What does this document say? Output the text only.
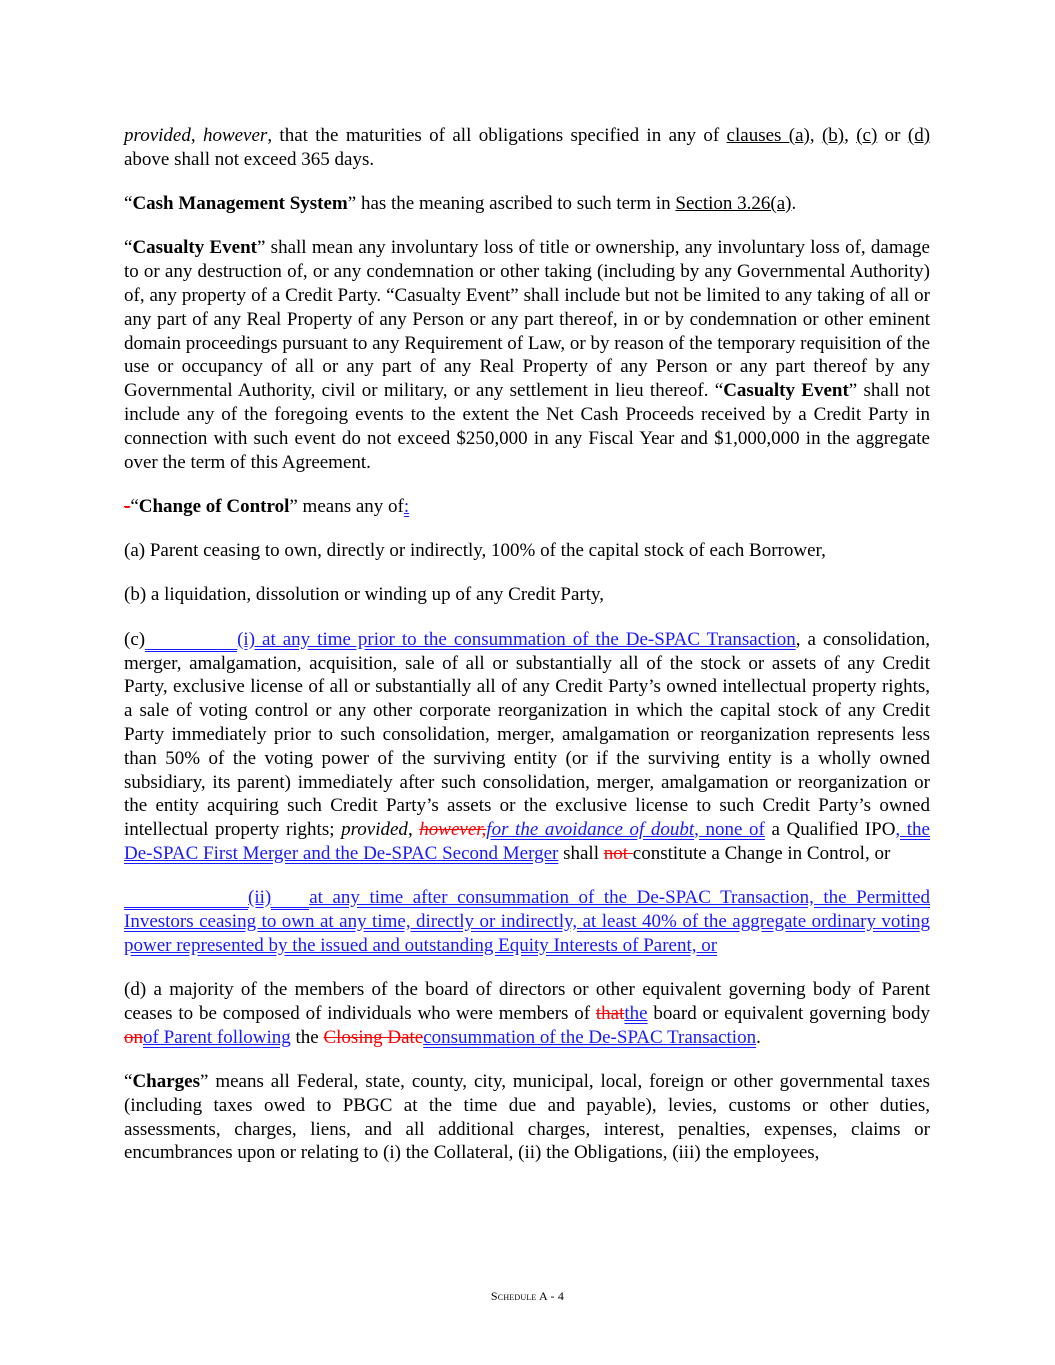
provided, however, that the maturities of all obligations specified in any of clauses (a), (b), (c) or (d) above shall not exceed 365 days.

“Cash Management System” has the meaning ascribed to such term in Section 3.26(a).

“Casualty Event” shall mean any involuntary loss of title or ownership, any involuntary loss of, damage to or any destruction of, or any condemnation or other taking (including by any Governmental Authority) of, any property of a Credit Party. “Casualty Event” shall include but not be limited to any taking of all or any part of any Real Property of any Person or any part thereof, in or by condemnation or other eminent domain proceedings pursuant to any Requirement of Law, or by reason of the temporary requisition of the use or occupancy of all or any part of any Real Property of any Person or any part thereof by any Governmental Authority, civil or military, or any settlement in lieu thereof. “Casualty Event” shall not include any of the foregoing events to the extent the Net Cash Proceeds received by a Credit Party in connection with such event do not exceed $250,000 in any Fiscal Year and $1,000,000 in the aggregate over the term of this Agreement.

-“Change of Control” means any of:

(a) Parent ceasing to own, directly or indirectly, 100% of the capital stock of each Borrower,

(b) a liquidation, dissolution or winding up of any Credit Party,

(c)	(i) at any time prior to the consummation of the De-SPAC Transaction, a consolidation, merger, amalgamation, acquisition, sale of all or substantially all of the stock or assets of any Credit Party, exclusive license of all or substantially all of any Credit Party’s owned intellectual property rights, a sale of voting control or any other corporate reorganization in which the capital stock of any Credit Party immediately prior to such consolidation, merger, amalgamation or reorganization represents less than 50% of the voting power of the surviving entity (or if the surviving entity is a wholly owned subsidiary, its parent) immediately after such consolidation, merger, amalgamation or reorganization or the entity acquiring such Credit Party’s assets or the exclusive license to such Credit Party’s owned intellectual property rights; provided, however,for the avoidance of doubt, none of a Qualified IPO, the De-SPAC First Merger and the De-SPAC Second Merger shall not constitute a Change in Control, or

(ii) at any time after consummation of the De-SPAC Transaction, the Permitted Investors ceasing to own at any time, directly or indirectly, at least 40% of the aggregate ordinary voting power represented by the issued and outstanding Equity Interests of Parent, or

(d) a majority of the members of the board of directors or other equivalent governing body of Parent ceases to be composed of individuals who were members of thatthe board or equivalent governing body onof Parent following the Closing Dateconsummation of the De-SPAC Transaction.

“Charges” means all Federal, state, county, city, municipal, local, foreign or other governmental taxes (including taxes owed to PBGC at the time due and payable), levies, customs or other duties, assessments, charges, liens, and all additional charges, interest, penalties, expenses, claims or encumbrances upon or relating to (i) the Collateral, (ii) the Obligations, (iii) the employees,

Schedule A - 4
